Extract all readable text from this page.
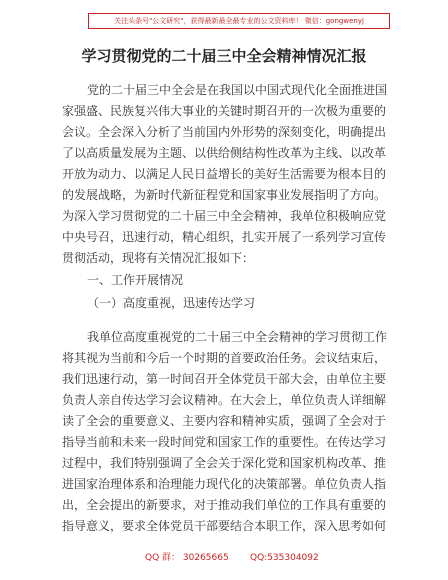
关注头条号"公文研究"，获得最新最全最专业的公文资料库！ 微信：gongwenyj
学习贯彻党的二十届三中全会精神情况汇报
党的二十届三中全会是在我国以中国式现代化全面推进国
家强盛、民族复兴伟大事业的关键时期召开的一次极为重要的
会议。全会深入分析了当前国内外形势的深刻变化，明确提出
了以高质量发展为主题、以供给侧结构性改革为主线、以改革
开放为动力、以满足人民日益增长的美好生活需要为根本目的
的发展战略，为新时代新征程党和国家事业发展指明了方向。
为深入学习贯彻党的二十届三中全会精神，我单位积极响应党
中央号召，迅速行动，精心组织，扎实开展了一系列学习宣传
贯彻活动，现将有关情况汇报如下：
一、工作开展情况
（一）高度重视，迅速传达学习
我单位高度重视党的二十届三中全会精神的学习贯彻工作
将其视为当前和今后一个时期的首要政治任务。会议结束后，
我们迅速行动，第一时间召开全体党员干部大会，由单位主要
负责人亲自传达学习会议精神。在大会上，单位负责人详细解
读了全会的重要意义、主要内容和精神实质，强调了全会对于
指导当前和未来一段时间党和国家工作的重要性。在传达学习
过程中，我们特别强调了全会关于深化党和国家机构改革、推
进国家治理体系和治理能力现代化的决策部署。单位负责人指
出，全会提出的新要求，对于推动我们单位的工作具有重要的
指导意义，要求全体党员干部要结合本职工作，深入思考如何
QQ 群： 30265665 QQ:535304092
